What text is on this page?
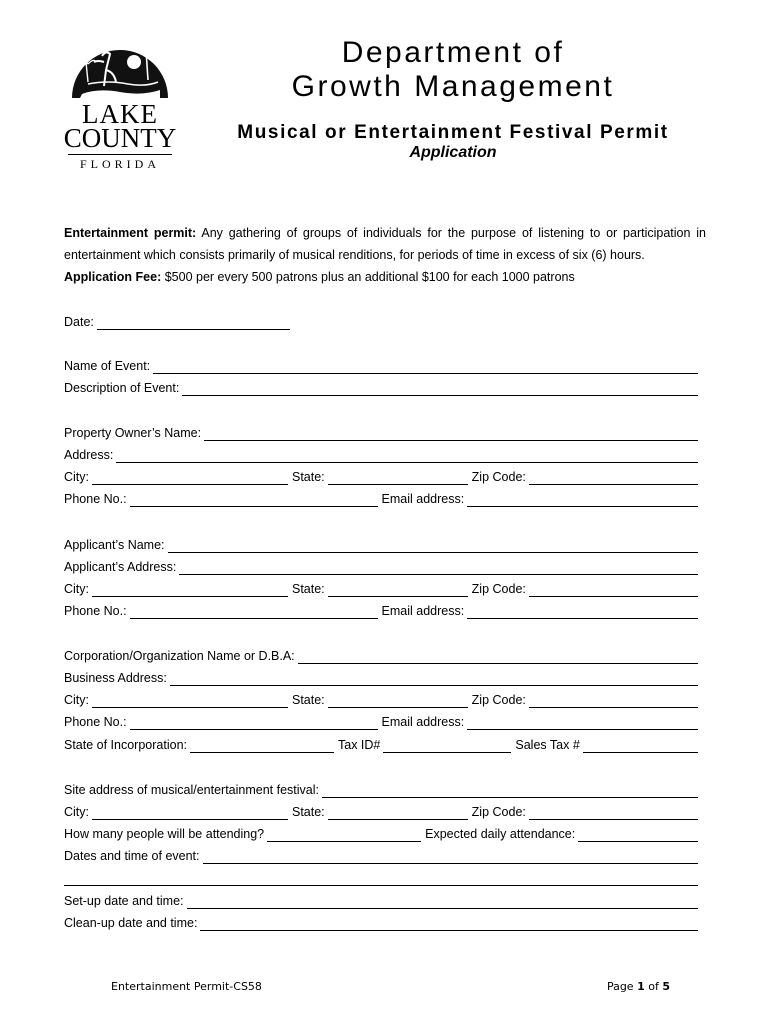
LAKE
COUNTY
FLORIDA
Department of
Growth Management
Musical or Entertainment Festival Permit
Application

Entertainment permit: Any gathering of groups of individuals for the purpose of listening to or participation in entertainment which consists primarily of musical renditions, for periods of time in excess of six (6) hours.

Application Fee: $500 per every 500 patrons plus an additional $100 for each 1000 patrons

Date:
Name of Event:
Description of Event:
Property Owner’s Name:
Address:
City:	State:	Zip Code:
Phone No.:	Email address:
Applicant’s Name:
Applicant’s Address:
City:	State:	Zip Code:
Phone No.:	Email address:
Corporation/Organization Name or D.B.A:
Business Address:
City:	State:	Zip Code:
Phone No.:	Email address:
State of Incorporation:	Tax ID#	Sales Tax #
Site address of musical/entertainment festival:
City:	State:	Zip Code:
How many people will be attending?	Expected daily attendance:
Dates and time of event:
Set-up date and time:
Clean-up date and time:
Entertainment Permit-CS58	Page 1 of 5
